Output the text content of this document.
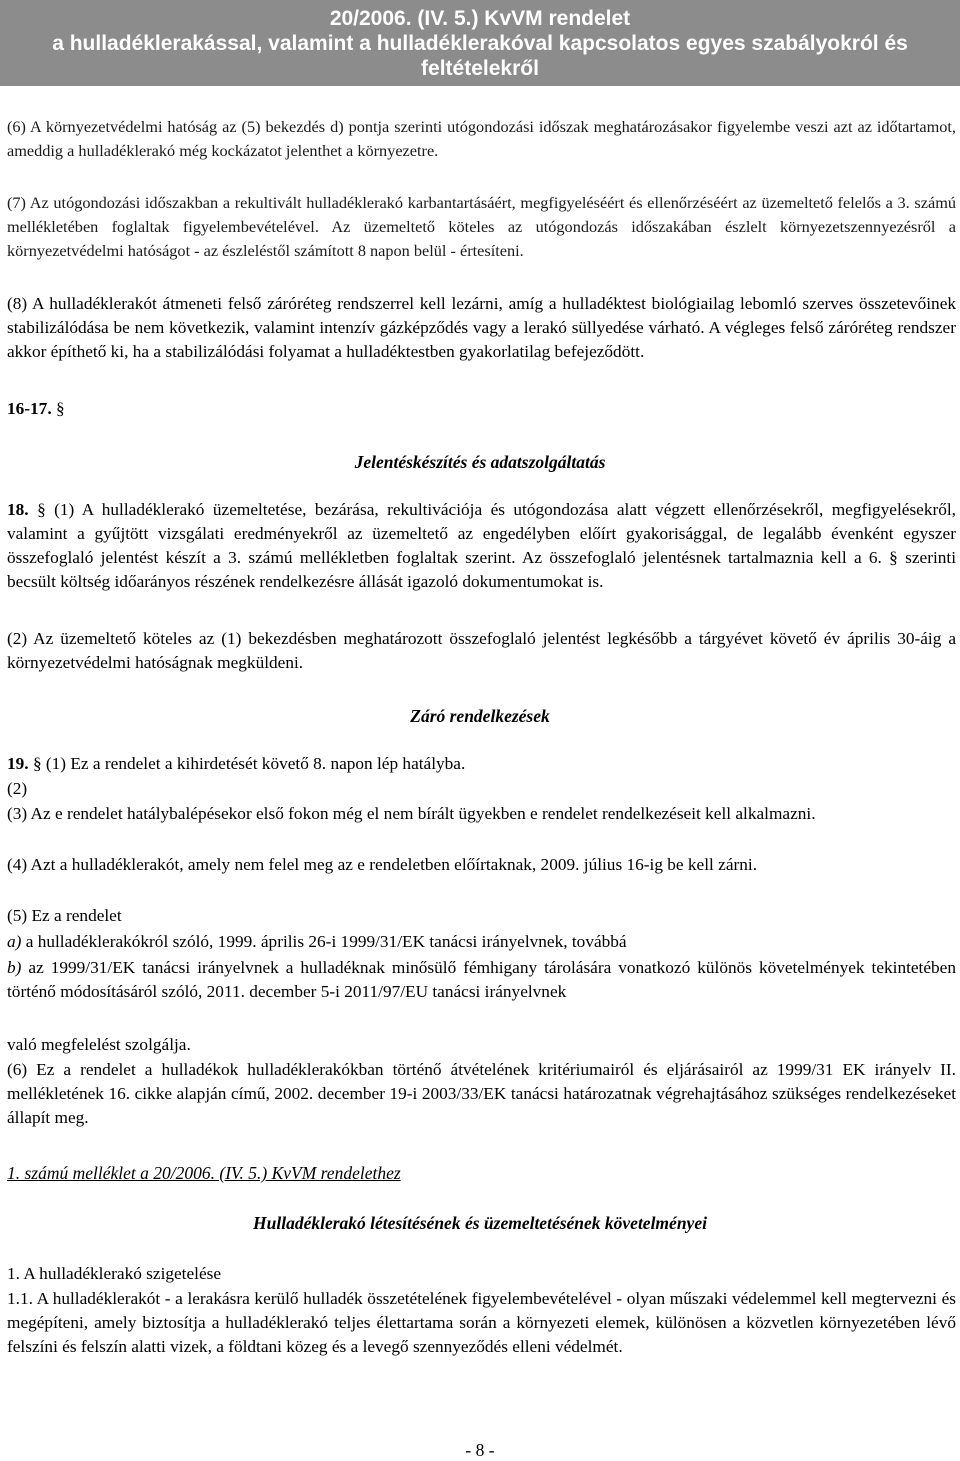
20/2006. (IV. 5.) KvVM rendelet
a hulladéklerakással, valamint a hulladéklerakóval kapcsolatos egyes szabályokról és
feltételekről

(6) A környezetvédelmi hatóság az (5) bekezdés d) pontja szerinti utógondozási időszak meghatározásakor figyelembe veszi azt az időtartamot, ameddig a hulladéklerakó még kockázatot jelenthet a környezetre.

(7) Az utógondozási időszakban a rekultivált hulladéklerakó karbantartásáért, megfigyeléséért és ellenőrzéséért az üzemeltető felelős a 3. számú mellékletében foglaltak figyelembevételével. Az üzemeltető köteles az utógondozás időszakában észlelt környezetszennyezésről a környezetvédelmi hatóságot - az észleléstől számított 8 napon belül - értesíteni.

(8) A hulladéklerakót átmeneti felső záróréteg rendszerrel kell lezárni, amíg a hulladéktest biológiailag lebomló szerves összetevőinek stabilizálódása be nem következik, valamint intenzív gázképződés vagy a lerakó süllyedése várható. A végleges felső záróréteg rendszer akkor építhető ki, ha a stabilizálódási folyamat a hulladéktestben gyakorlatilag befejeződött.

16-17. §

Jelentéskészítés és adatszolgáltatás

18. § (1) A hulladéklerakó üzemeltetése, bezárása, rekultivációja és utógondozása alatt végzett ellenőrzésekről, megfigyelésekről, valamint a gyűjtött vizsgálati eredményekről az üzemeltető az engedélyben előírt gyakorisággal, de legalább évenként egyszer összefoglaló jelentést készít a 3. számú mellékletben foglaltak szerint. Az összefoglaló jelentésnek tartalmaznia kell a 6. § szerinti becsült költség időarányos részének rendelkezésre állását igazoló dokumentumokat is.

(2) Az üzemeltető köteles az (1) bekezdésben meghatározott összefoglaló jelentést legkésőbb a tárgyévet követő év április 30-áig a környezetvédelmi hatóságnak megküldeni.

Záró rendelkezések

19. § (1) Ez a rendelet a kihirdetését követő 8. napon lép hatályba.

(2)

(3) Az e rendelet hatálybalépésekor első fokon még el nem bírált ügyekben e rendelet rendelkezéseit kell alkalmazni.

(4) Azt a hulladéklerakót, amely nem felel meg az e rendeletben előírtaknak, 2009. július 16-ig be kell zárni.

(5) Ez a rendelet

a) a hulladéklerakókról szóló, 1999. április 26-i 1999/31/EK tanácsi irányelvnek, továbbá

b) az 1999/31/EK tanácsi irányelvnek a hulladéknak minősülő fémhigany tárolására vonatkozó különös követelmények tekintetében történő módosításáról szóló, 2011. december 5-i 2011/97/EU tanácsi irányelvnek

való megfelelést szolgálja.

(6) Ez a rendelet a hulladékok hulladéklerakókban történő átvételének kritériumairól és eljárásairól az 1999/31 EK irányelv II. mellékletének 16. cikke alapján című, 2002. december 19-i 2003/33/EK tanácsi határozatnak végrehajtásához szükséges rendelkezéseket állapít meg.

1. számú melléklet a 20/2006. (IV. 5.) KvVM rendelethez

Hulladéklerakó létesítésének és üzemeltetésének követelményei

1. A hulladéklerakó szigetelése

1.1. A hulladéklerakót - a lerakásra kerülő hulladék összetételének figyelembevételével - olyan műszaki védelemmel kell megtervezni és megépíteni, amely biztosítja a hulladéklerakó teljes élettartama során a környezeti elemek, különösen a közvetlen környezetében lévő felszíni és felszín alatti vizek, a földtani közeg és a levegő szennyeződés elleni védelmét.

- 8 -
